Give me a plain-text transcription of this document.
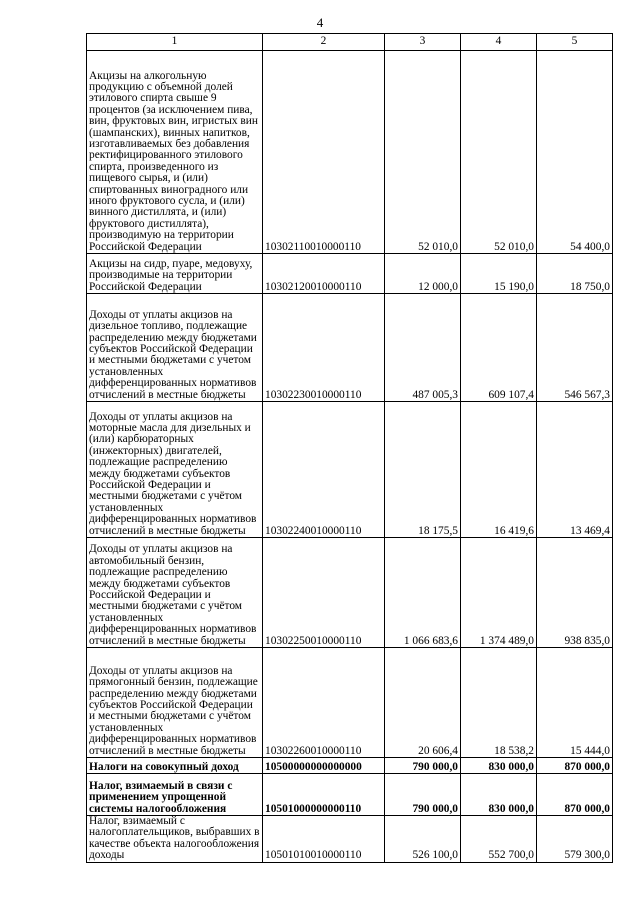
4
1	2	3	4	5
Акцизы на алкогольную продукцию с объемной долей этилового спирта свыше 9 процентов (за исключением пива, вин, фруктовых вин, игристых вин (шампанских), винных напитков, изготавливаемых без добавления ректифицированного этилового спирта, произведенного из пищевого сырья, и (или) спиртованных виноградного или иного фруктового сусла, и (или) винного дистиллята, и (или) фруктового дистиллята), производимую на территории Российской Федерации	10302110010000110	52 010,0	52 010,0	54 400,0
Акцизы на сидр, пуаре, медовуху, производимые на территории Российской Федерации	10302120010000110	12 000,0	15 190,0	18 750,0
Доходы от уплаты акцизов на дизельное топливо, подлежащие распределению между бюджетами субъектов Российской Федерации и местными бюджетами с учетом установленных дифференцированных нормативов отчислений в местные бюджеты	10302230010000110	487 005,3	609 107,4	546 567,3
Доходы от уплаты акцизов на моторные масла для дизельных и (или) карбюраторных (инжекторных) двигателей, подлежащие распределению между бюджетами субъектов Российской Федерации и местными бюджетами с учётом установленных дифференцированных нормативов отчислений в местные бюджеты	10302240010000110	18 175,5	16 419,6	13 469,4
Доходы от уплаты акцизов на автомобильный бензин, подлежащие распределению между бюджетами субъектов Российской Федерации и местными бюджетами с учётом установленных дифференцированных нормативов отчислений в местные бюджеты	10302250010000110	1 066 683,6	1 374 489,0	938 835,0
Доходы от уплаты акцизов на прямогонный бензин, подлежащие распределению между бюджетами субъектов Российской Федерации и местными бюджетами с учётом установленных дифференцированных нормативов отчислений в местные бюджеты	10302260010000110	20 606,4	18 538,2	15 444,0
Налоги на совокупный доход	10500000000000000	790 000,0	830 000,0	870 000,0
Налог, взимаемый в связи с применением упрощенной системы налогообложения	10501000000000110	790 000,0	830 000,0	870 000,0
Налог, взимаемый с налогоплательщиков, выбравших в качестве объекта налогообложения доходы	10501010010000110	526 100,0	552 700,0	579 300,0
